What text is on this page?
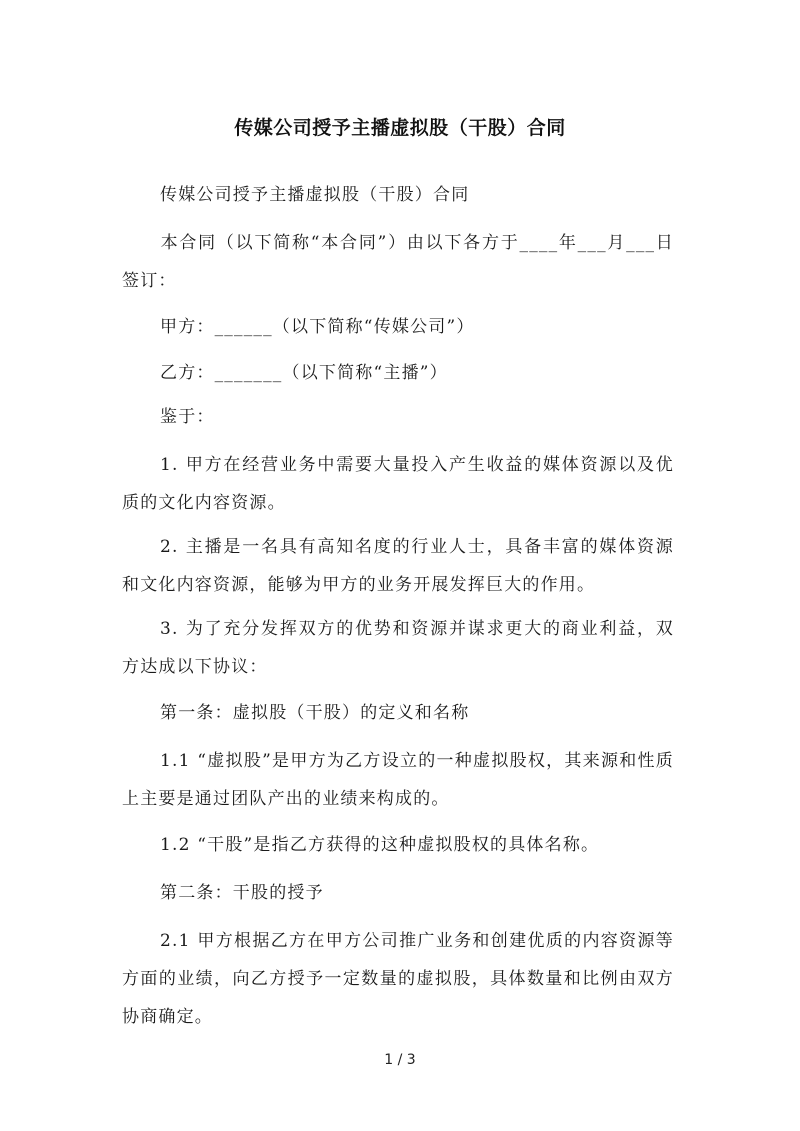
传媒公司授予主播虚拟股（干股）合同
传媒公司授予主播虚拟股（干股）合同
本合同（以下简称“本合同”）由以下各方于____年___月___日签订：
甲方：______（以下简称“传媒公司”）
乙方：_______（以下简称“主播”）
鉴于：
1. 甲方在经营业务中需要大量投入产生收益的媒体资源以及优质的文化内容资源。
2. 主播是一名具有高知名度的行业人士，具备丰富的媒体资源和文化内容资源，能够为甲方的业务开展发挥巨大的作用。
3. 为了充分发挥双方的优势和资源并谋求更大的商业利益，双方达成以下协议：
第一条：虚拟股（干股）的定义和名称
1.1 “虚拟股”是甲方为乙方设立的一种虚拟股权，其来源和性质上主要是通过团队产出的业绩来构成的。
1.2 “干股”是指乙方获得的这种虚拟股权的具体名称。
第二条：干股的授予
2.1 甲方根据乙方在甲方公司推广业务和创建优质的内容资源等方面的业绩，向乙方授予一定数量的虚拟股，具体数量和比例由双方协商确定。
1 / 3
